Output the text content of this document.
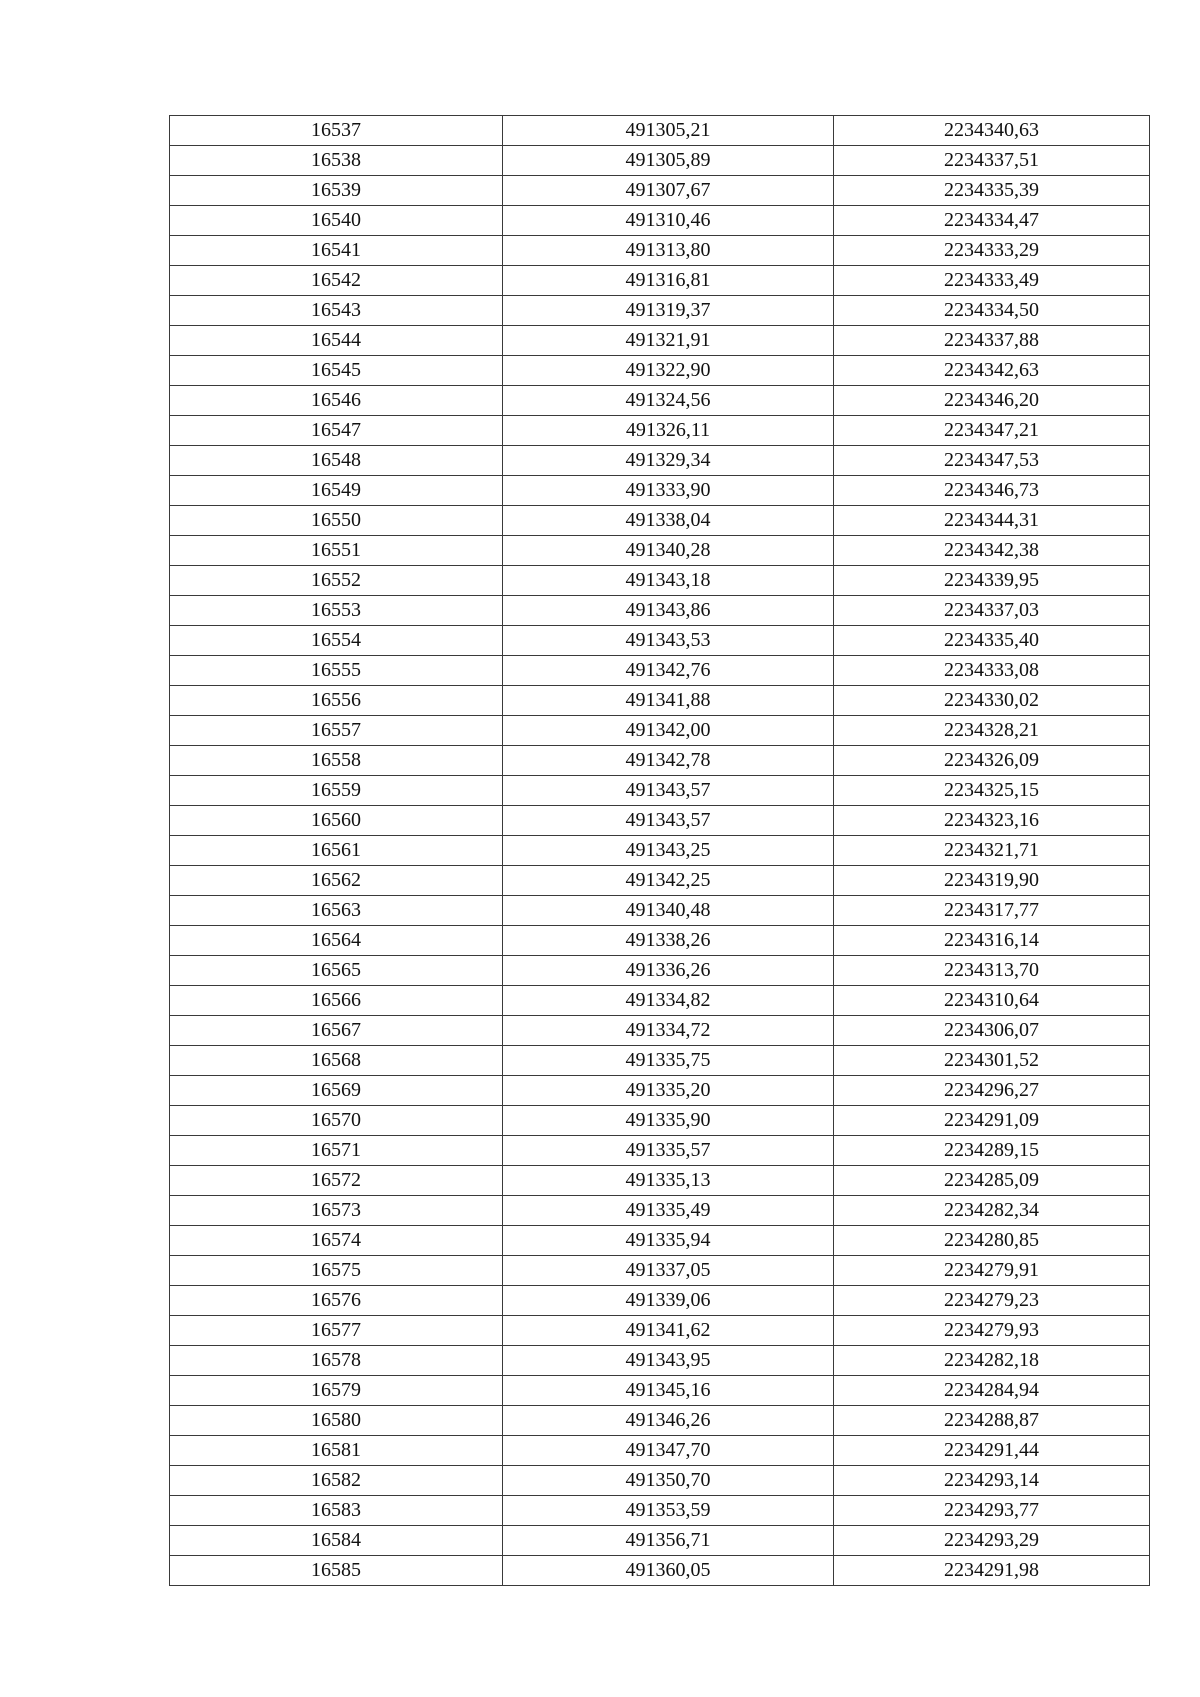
16537	491305,21	2234340,63
16538	491305,89	2234337,51
16539	491307,67	2234335,39
16540	491310,46	2234334,47
16541	491313,80	2234333,29
16542	491316,81	2234333,49
16543	491319,37	2234334,50
16544	491321,91	2234337,88
16545	491322,90	2234342,63
16546	491324,56	2234346,20
16547	491326,11	2234347,21
16548	491329,34	2234347,53
16549	491333,90	2234346,73
16550	491338,04	2234344,31
16551	491340,28	2234342,38
16552	491343,18	2234339,95
16553	491343,86	2234337,03
16554	491343,53	2234335,40
16555	491342,76	2234333,08
16556	491341,88	2234330,02
16557	491342,00	2234328,21
16558	491342,78	2234326,09
16559	491343,57	2234325,15
16560	491343,57	2234323,16
16561	491343,25	2234321,71
16562	491342,25	2234319,90
16563	491340,48	2234317,77
16564	491338,26	2234316,14
16565	491336,26	2234313,70
16566	491334,82	2234310,64
16567	491334,72	2234306,07
16568	491335,75	2234301,52
16569	491335,20	2234296,27
16570	491335,90	2234291,09
16571	491335,57	2234289,15
16572	491335,13	2234285,09
16573	491335,49	2234282,34
16574	491335,94	2234280,85
16575	491337,05	2234279,91
16576	491339,06	2234279,23
16577	491341,62	2234279,93
16578	491343,95	2234282,18
16579	491345,16	2234284,94
16580	491346,26	2234288,87
16581	491347,70	2234291,44
16582	491350,70	2234293,14
16583	491353,59	2234293,77
16584	491356,71	2234293,29
16585	491360,05	2234291,98
